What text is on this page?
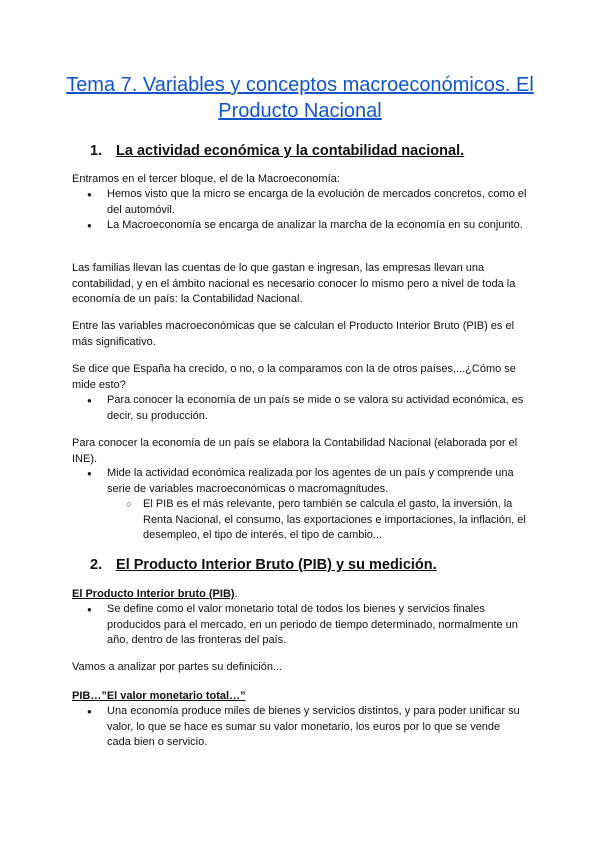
Tema 7. Variables y conceptos macroeconómicos. El Producto Nacional
1. La actividad económica y la contabilidad nacional.

Entramos en el tercer bloque, el de la Macroeconomía:

● Hemos visto que la micro se encarga de la evolución de mercados concretos, como el del automóvil.

● La Macroeconomía se encarga de analizar la marcha de la economía en su conjunto.

Las familias llevan las cuentas de lo que gastan e ingresan, las empresas llevan una contabilidad, y en el ámbito nacional es necesario conocer lo mismo pero a nivel de toda la economía de un país: la Contabilidad Nacional.

Entre las variables macroeconómicas que se calculan el Producto Interior Bruto (PIB) es el más significativo.

Se dice que España ha crecido, o no, o la comparamos con la de otros países,...¿Cómo se mide esto?

● Para conocer la economía de un país se mide o se valora su actividad económica, es decir, su producción.

Para conocer la economía de un país se elabora la Contabilidad Nacional (elaborada por el INE).

● Mide la actividad económica realizada por los agentes de un país y comprende una serie de variables macroeconómicas o macromagnitudes.

○ El PIB es el más relevante, pero también se calcula el gasto, la inversión, la Renta Nacional, el consumo, las exportaciones e importaciones, la inflación, el desempleo, el tipo de interés, el tipo de cambio...

2. El Producto Interior Bruto (PIB) y su medición.

El Producto Interior bruto (PIB).

● Se define como el valor monetario total de todos los bienes y servicios finales producidos para el mercado, en un periodo de tiempo determinado, normalmente un año, dentro de las fronteras del país.

Vamos a analizar por partes su definición...

PIB…”El valor monetario total…”

● Una economía produce miles de bienes y servicios distintos, y para poder unificar su valor, lo que se hace es sumar su valor monetario, los euros por lo que se vende cada bien o servicio.
